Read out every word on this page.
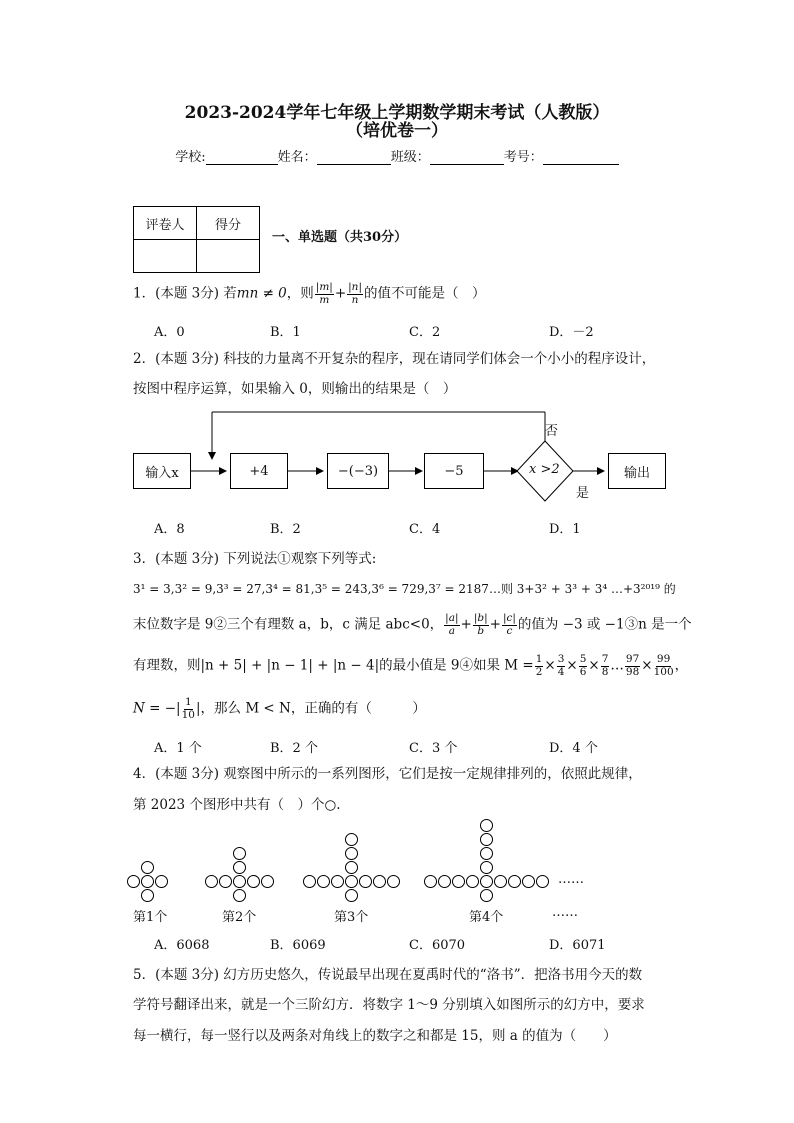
2023-2024学年七年级上学期数学期末考试（人教版）
（培优卷一）
学校:	姓名：	班级：	考号：
评卷人	得分

一、单选题（共30分）
1．(本题 3分) 若mn ≠ 0，则 $\frac{|m|}{m} + \frac{|n|}{n}$ 的值不可能是（　）
A．0	B．1	C．2	D．－2
2．(本题 3分) 科技的力量离不开复杂的程序，现在请同学们体会一个小小的程序设计，
按图中程序运算，如果输入 0，则输出的结果是（　）
输入x	+4	−(−3)	−5	x >2	输出
否
是
A．8	B．2	C．4	D．1
3．(本题 3分) 下列说法①观察下列等式:
3¹ = 3,3² = 9,3³ = 27,3⁴ = 81,3⁵ = 243,3⁶ = 729,3⁷ = 2187…则 3+3² + 3³ + 3⁴ …+3²⁰¹⁹ 的
末位数字是 9②三个有理数 a，b，c 满足 abc<0， $\frac{|a|}{a} + \frac{|b|}{b} + \frac{|c|}{c}$ 的值为 −3 或 −1③n 是一个
有理数，则|n + 5| + |n − 1| + |n − 4|的最小值是 9④如果 $M = \frac{1}{2} \times \frac{3}{4} \times \frac{5}{6} \times \frac{7}{8}$ … $\frac{97}{98} \times \frac{99}{100}$ ，
N = −| $\frac{1}{10}$ |，那么 M < N，正确的有（　　　）
A．1 个	B．2 个	C．3 个	D．4 个
4．(本题 3分) 观察图中所示的一系列图形，它们是按一定规律排列的，依照此规律，
第 2023 个图形中共有（　）个○.
第1个	第2个	第3个	第4个
……
……
A．6068	B．6069	C．6070	D．6071
5．(本题 3分) 幻方历史悠久，传说最早出现在夏禹时代的“洛书”．把洛书用今天的数
学符号翻译出来，就是一个三阶幻方．将数字 1～9 分别填入如图所示的幻方中，要求
每一横行，每一竖行以及两条对角线上的数字之和都是 15，则 a 的值为（　　）
